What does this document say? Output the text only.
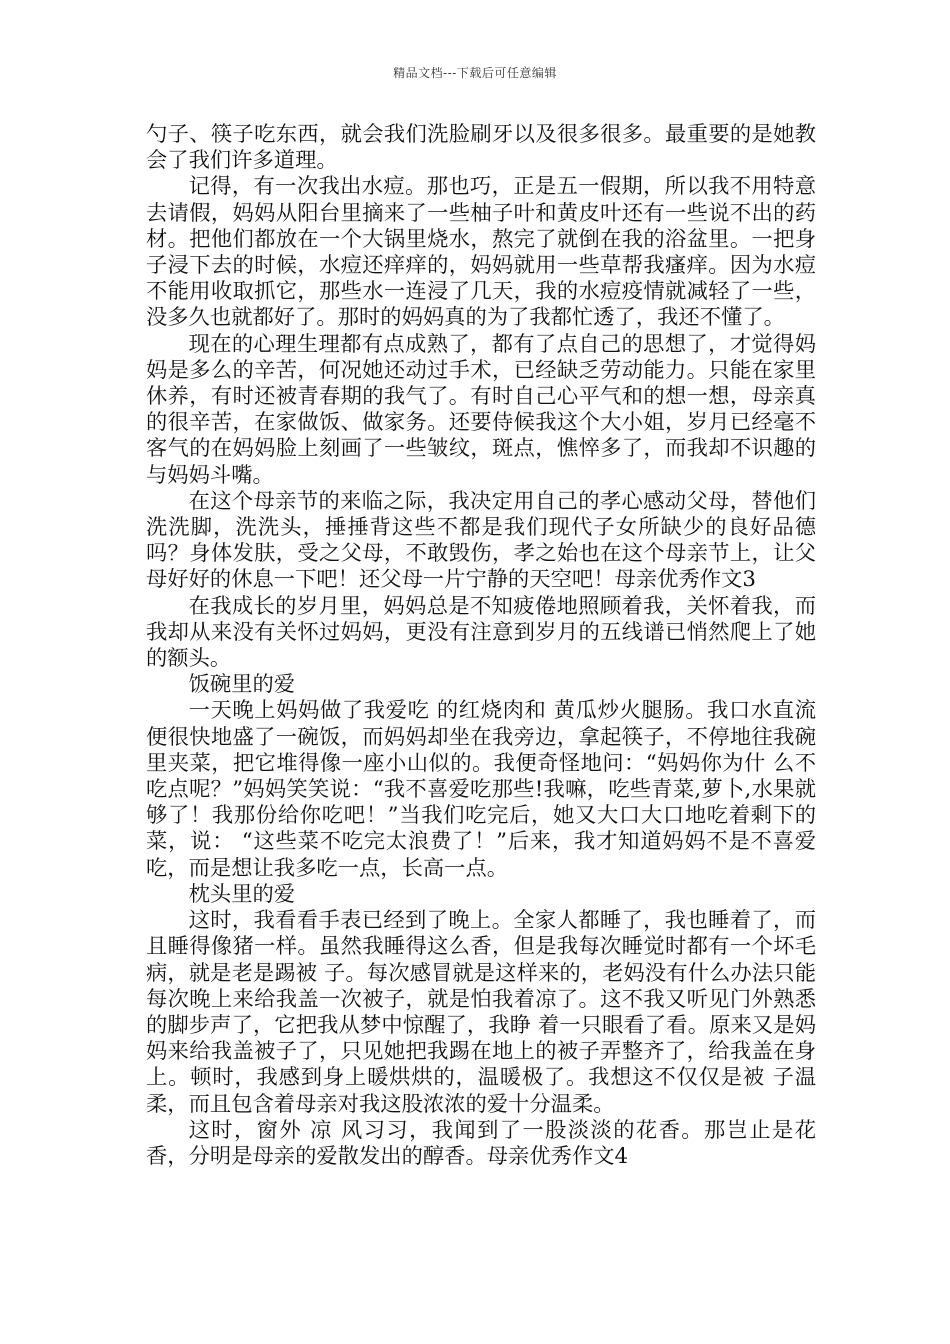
精品文档---下载后可任意编辑

勺子、筷子吃东西，就会我们洗脸刷牙以及很多很多。最重要的是她教会了我们许多道理。

记得，有一次我出水痘。那也巧，正是五一假期，所以我不用特意去请假，妈妈从阳台里摘来了一些柚子叶和黄皮叶还有一些说不出的药材。把他们都放在一个大锅里烧水，熬完了就倒在我的浴盆里。一把身子浸下去的时候，水痘还痒痒的，妈妈就用一些草帮我瘙痒。因为水痘不能用收取抓它，那些水一连浸了几天，我的水痘疫情就减轻了一些，没多久也就都好了。那时的妈妈真的为了我都忙透了，我还不懂了。

现在的心理生理都有点成熟了，都有了点自己的思想了，才觉得妈妈是多么的辛苦，何况她还动过手术，已经缺乏劳动能力。只能在家里休养，有时还被青春期的我气了。有时自己心平气和的想一想，母亲真的很辛苦，在家做饭、做家务。还要侍候我这个大小姐，岁月已经毫不客气的在妈妈脸上刻画了一些皱纹，斑点，憔悴多了，而我却不识趣的与妈妈斗嘴。

在这个母亲节的来临之际，我决定用自己的孝心感动父母，替他们洗洗脚，洗洗头，捶捶背这些不都是我们现代子女所缺少的良好品德吗？身体发肤，受之父母，不敢毁伤，孝之始也在这个母亲节上，让父母好好的休息一下吧！还父母一片宁静的天空吧！母亲优秀作文3

在我成长的岁月里，妈妈总是不知疲倦地照顾着我，关怀着我，而我却从来没有关怀过妈妈，更没有注意到岁月的五线谱已悄然爬上了她的额头。

饭碗里的爱

一天晚上妈妈做了我爱吃 的红烧肉和 黄瓜炒火腿肠。我口水直流便很快地盛了一碗饭，而妈妈却坐在我旁边，拿起筷子，不停地往我碗里夹菜，把它堆得像一座小山似的。我便奇怪地问：“妈妈你为什 么不吃点呢？”妈妈笑笑说：“我不喜爱吃那些!我嘛，吃些青菜,萝卜,水果就够了！我那份给你吃吧！”当我们吃完后，她又大口大口地吃着剩下的菜，说： “这些菜不吃完太浪费了！”后来，我才知道妈妈不是不喜爱吃，而是想让我多吃一点，长高一点。

枕头里的爱

这时，我看看手表已经到了晚上。全家人都睡了，我也睡着了，而且睡得像猪一样。虽然我睡得这么香，但是我每次睡觉时都有一个坏毛病，就是老是踢被 子。每次感冒就是这样来的，老妈没有什么办法只能每次晚上来给我盖一次被子，就是怕我着凉了。这不我又听见门外熟悉的脚步声了，它把我从梦中惊醒了，我睁 着一只眼看了看。原来又是妈妈来给我盖被子了，只见她把我踢在地上的被子弄整齐了，给我盖在身上。顿时，我感到身上暖烘烘的，温暖极了。我想这不仅仅是被 子温柔，而且包含着母亲对我这股浓浓的爱十分温柔。

这时，窗外 凉 风习习，我闻到了一股淡淡的花香。那岂止是花香，分明是母亲的爱散发出的醇香。母亲优秀作文4
